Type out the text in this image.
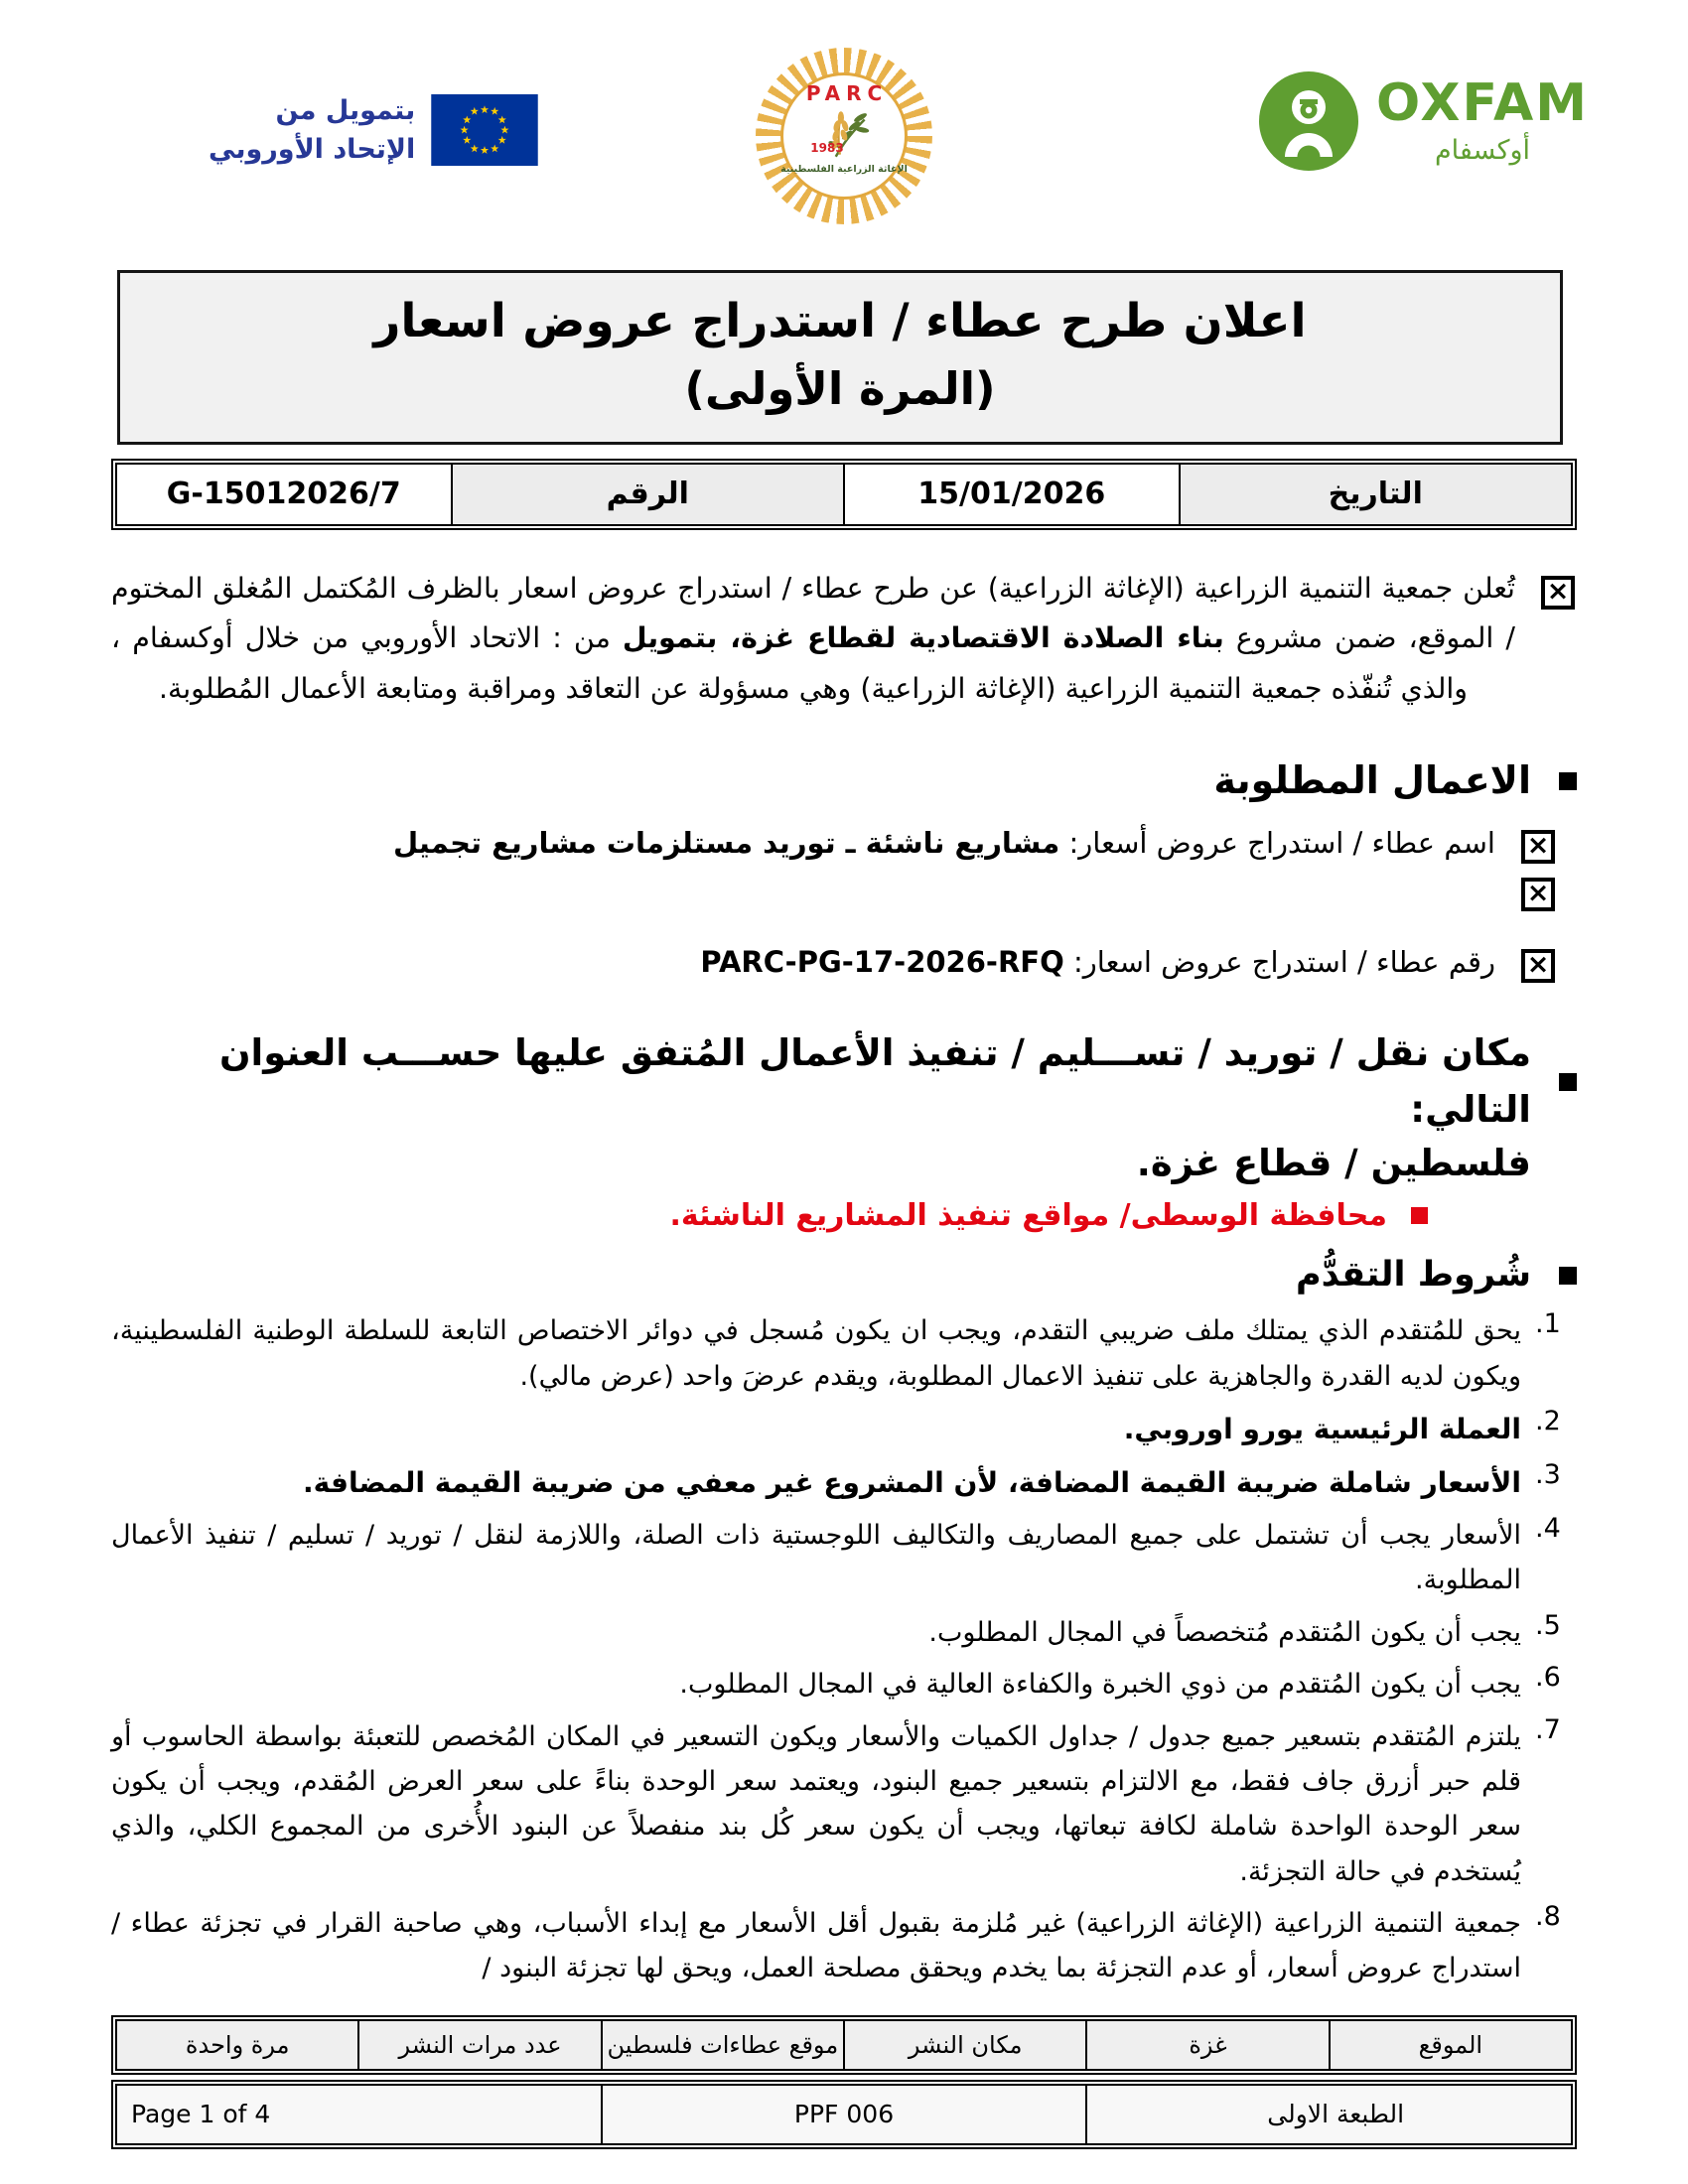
بتمويل من
الإتحاد الأوروبي
PARC
1983
الإغاثة الزراعية الفلسطينية
OXFAM
أوكسفام
اعلان طرح عطاء / استدراج عروض اسعار
(المرة الأولى)
التاريخ	15/01/2026	الرقم	G-15012026/7
×
تُعلن جمعية التنمية الزراعية (الإغاثة الزراعية) عن طرح عطاء / استدراج عروض اسعار بالظرف المُكتمل المُغلق المختوم / الموقع، ضمن مشروع بناء الصلادة الاقتصادية لقطاع غزة، بتمويل من : الاتحاد الأوروبي من خلال أوكسفام ، والذي تُنفّذه جمعية التنمية الزراعية (الإغاثة الزراعية) وهي مسؤولة عن التعاقد ومراقبة ومتابعة الأعمال المُطلوبة.
الاعمال المطلوبة
×
اسم عطاء / استدراج عروض أسعار: مشاريع ناشئة ـ توريد مستلزمات مشاريع تجميل
×
×
رقم عطاء / استدراج عروض اسعار: PARC-PG-17-2026-RFQ
مكان نقل / توريد / تســـليم / تنفيذ الأعمال المُتفق عليها حســـب العنوان التالي:
فلسطين / قطاع غزة.
محافظة الوسطى/ مواقع تنفيذ المشاريع الناشئة.
شُروط التقدُّم
1.
يحق للمُتقدم الذي يمتلك ملف ضريبي التقدم، ويجب ان يكون مُسجل في دوائر الاختصاص التابعة للسلطة الوطنية الفلسطينية، ويكون لديه القدرة والجاهزية على تنفيذ الاعمال المطلوبة، ويقدم عرضَ واحد (عرض مالي).
2.
العملة الرئيسية يورو اوروبي.
3.
الأسعار شاملة ضريبة القيمة المضافة، لأن المشروع غير معفي من ضريبة القيمة المضافة.
4.
الأسعار يجب أن تشتمل على جميع المصاريف والتكاليف اللوجستية ذات الصلة، واللازمة لنقل / توريد / تسليم / تنفيذ الأعمال المطلوبة.
5.
يجب أن يكون المُتقدم مُتخصصاً في المجال المطلوب.
6.
يجب أن يكون المُتقدم من ذوي الخبرة والكفاءة العالية في المجال المطلوب.
7.
يلتزم المُتقدم بتسعير جميع جدول / جداول الكميات والأسعار ويكون التسعير في المكان المُخصص للتعبئة بواسطة الحاسوب أو قلم حبر أزرق جاف فقط، مع الالتزام بتسعير جميع البنود، ويعتمد سعر الوحدة بناءً على سعر العرض المُقدم، ويجب أن يكون سعر الوحدة الواحدة شاملة لكافة تبعاتها، ويجب أن يكون سعر كُل بند منفصلاً عن البنود الأُخرى من المجموع الكلي، والذي يُستخدم في حالة التجزئة.
8.
جمعية التنمية الزراعية (الإغاثة الزراعية) غير مُلزمة بقبول أقل الأسعار مع إبداء الأسباب، وهي صاحبة القرار في تجزئة عطاء / استدراج عروض أسعار، أو عدم التجزئة بما يخدم ويحقق مصلحة العمل، ويحق لها تجزئة البنود /
الموقع	غزة	مكان النشر	موقع عطاءات فلسطين	عدد مرات النشر	مرة واحدة
الطبعة الاولى	PPF 006	Page 1 of 4
